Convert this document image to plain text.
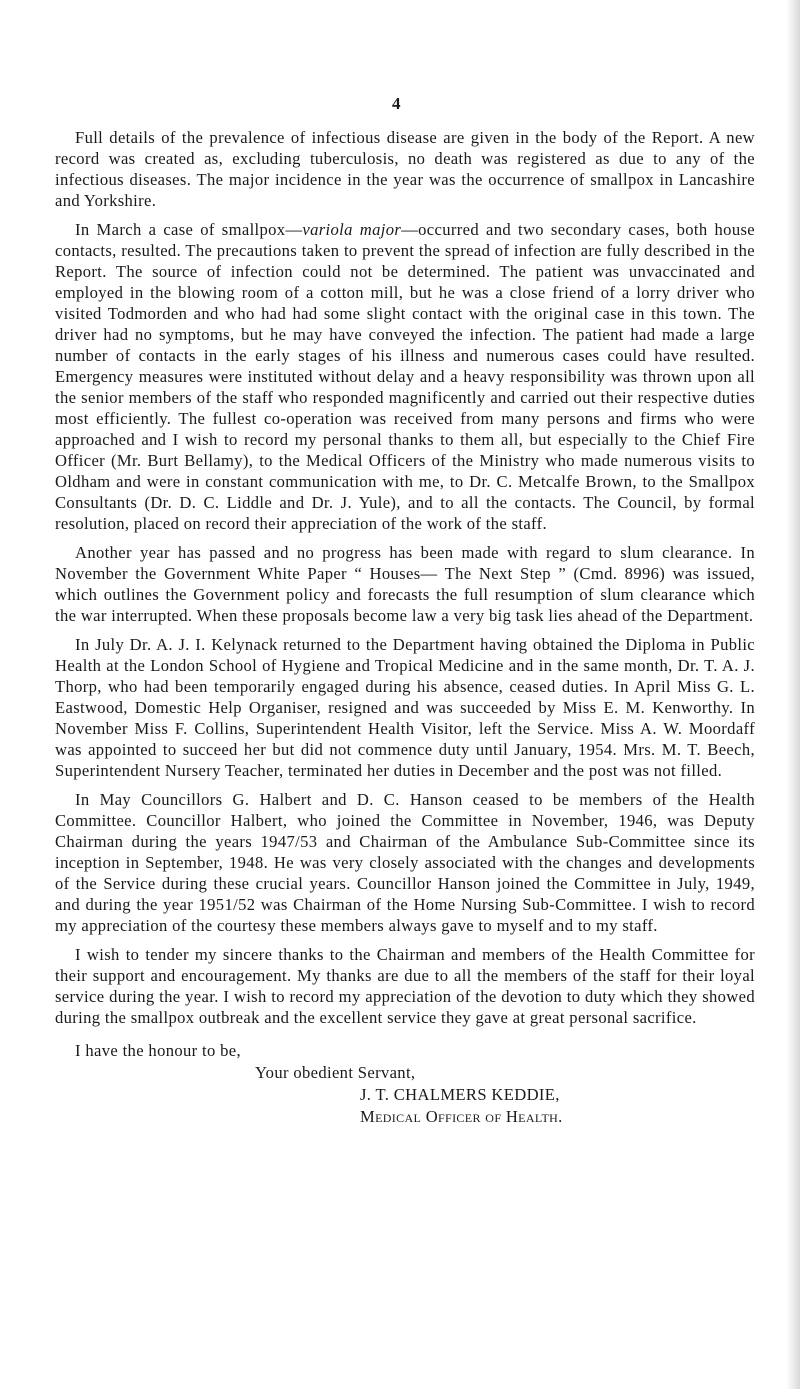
4

Full details of the prevalence of infectious disease are given in the body of the Report. A new record was created as, excluding tuberculosis, no death was registered as due to any of the infectious diseases. The major incidence in the year was the occurrence of smallpox in Lancashire and Yorkshire.

In March a case of smallpox—variola major—occurred and two secondary cases, both house contacts, resulted. The precautions taken to prevent the spread of infection are fully described in the Report. The source of infection could not be determined. The patient was unvaccinated and employed in the blowing room of a cotton mill, but he was a close friend of a lorry driver who visited Todmorden and who had had some slight contact with the original case in this town. The driver had no symptoms, but he may have conveyed the infection. The patient had made a large number of contacts in the early stages of his illness and numerous cases could have resulted. Emergency measures were instituted without delay and a heavy responsibility was thrown upon all the senior members of the staff who responded magnificently and carried out their respective duties most efficiently. The fullest co-operation was received from many persons and firms who were approached and I wish to record my personal thanks to them all, but especially to the Chief Fire Officer (Mr. Burt Bellamy), to the Medical Officers of the Ministry who made numerous visits to Oldham and were in constant communication with me, to Dr. C. Metcalfe Brown, to the Smallpox Consultants (Dr. D. C. Liddle and Dr. J. Yule), and to all the contacts. The Council, by formal resolution, placed on record their appreciation of the work of the staff.

Another year has passed and no progress has been made with regard to slum clearance. In November the Government White Paper “ Houses— The Next Step ” (Cmd. 8996) was issued, which outlines the Government policy and forecasts the full resumption of slum clearance which the war interrupted. When these proposals become law a very big task lies ahead of the Department.

In July Dr. A. J. I. Kelynack returned to the Department having obtained the Diploma in Public Health at the London School of Hygiene and Tropical Medicine and in the same month, Dr. T. A. J. Thorp, who had been temporarily engaged during his absence, ceased duties. In April Miss G. L. Eastwood, Domestic Help Organiser, resigned and was succeeded by Miss E. M. Kenworthy. In November Miss F. Collins, Superintendent Health Visitor, left the Service. Miss A. W. Moordaff was appointed to succeed her but did not commence duty until January, 1954. Mrs. M. T. Beech, Superintendent Nursery Teacher, terminated her duties in December and the post was not filled.

In May Councillors G. Halbert and D. C. Hanson ceased to be members of the Health Committee. Councillor Halbert, who joined the Committee in November, 1946, was Deputy Chairman during the years 1947/53 and Chairman of the Ambulance Sub-Committee since its inception in September, 1948. He was very closely associated with the changes and developments of the Service during these crucial years. Councillor Hanson joined the Committee in July, 1949, and during the year 1951/52 was Chairman of the Home Nursing Sub-Committee. I wish to record my appreciation of the courtesy these members always gave to myself and to my staff.

I wish to tender my sincere thanks to the Chairman and members of the Health Committee for their support and encouragement. My thanks are due to all the members of the staff for their loyal service during the year. I wish to record my appreciation of the devotion to duty which they showed during the smallpox outbreak and the excellent service they gave at great personal sacrifice.

I have the honour to be,
Your obedient Servant,
J. T. CHALMERS KEDDIE,
Medical Officer of Health.
